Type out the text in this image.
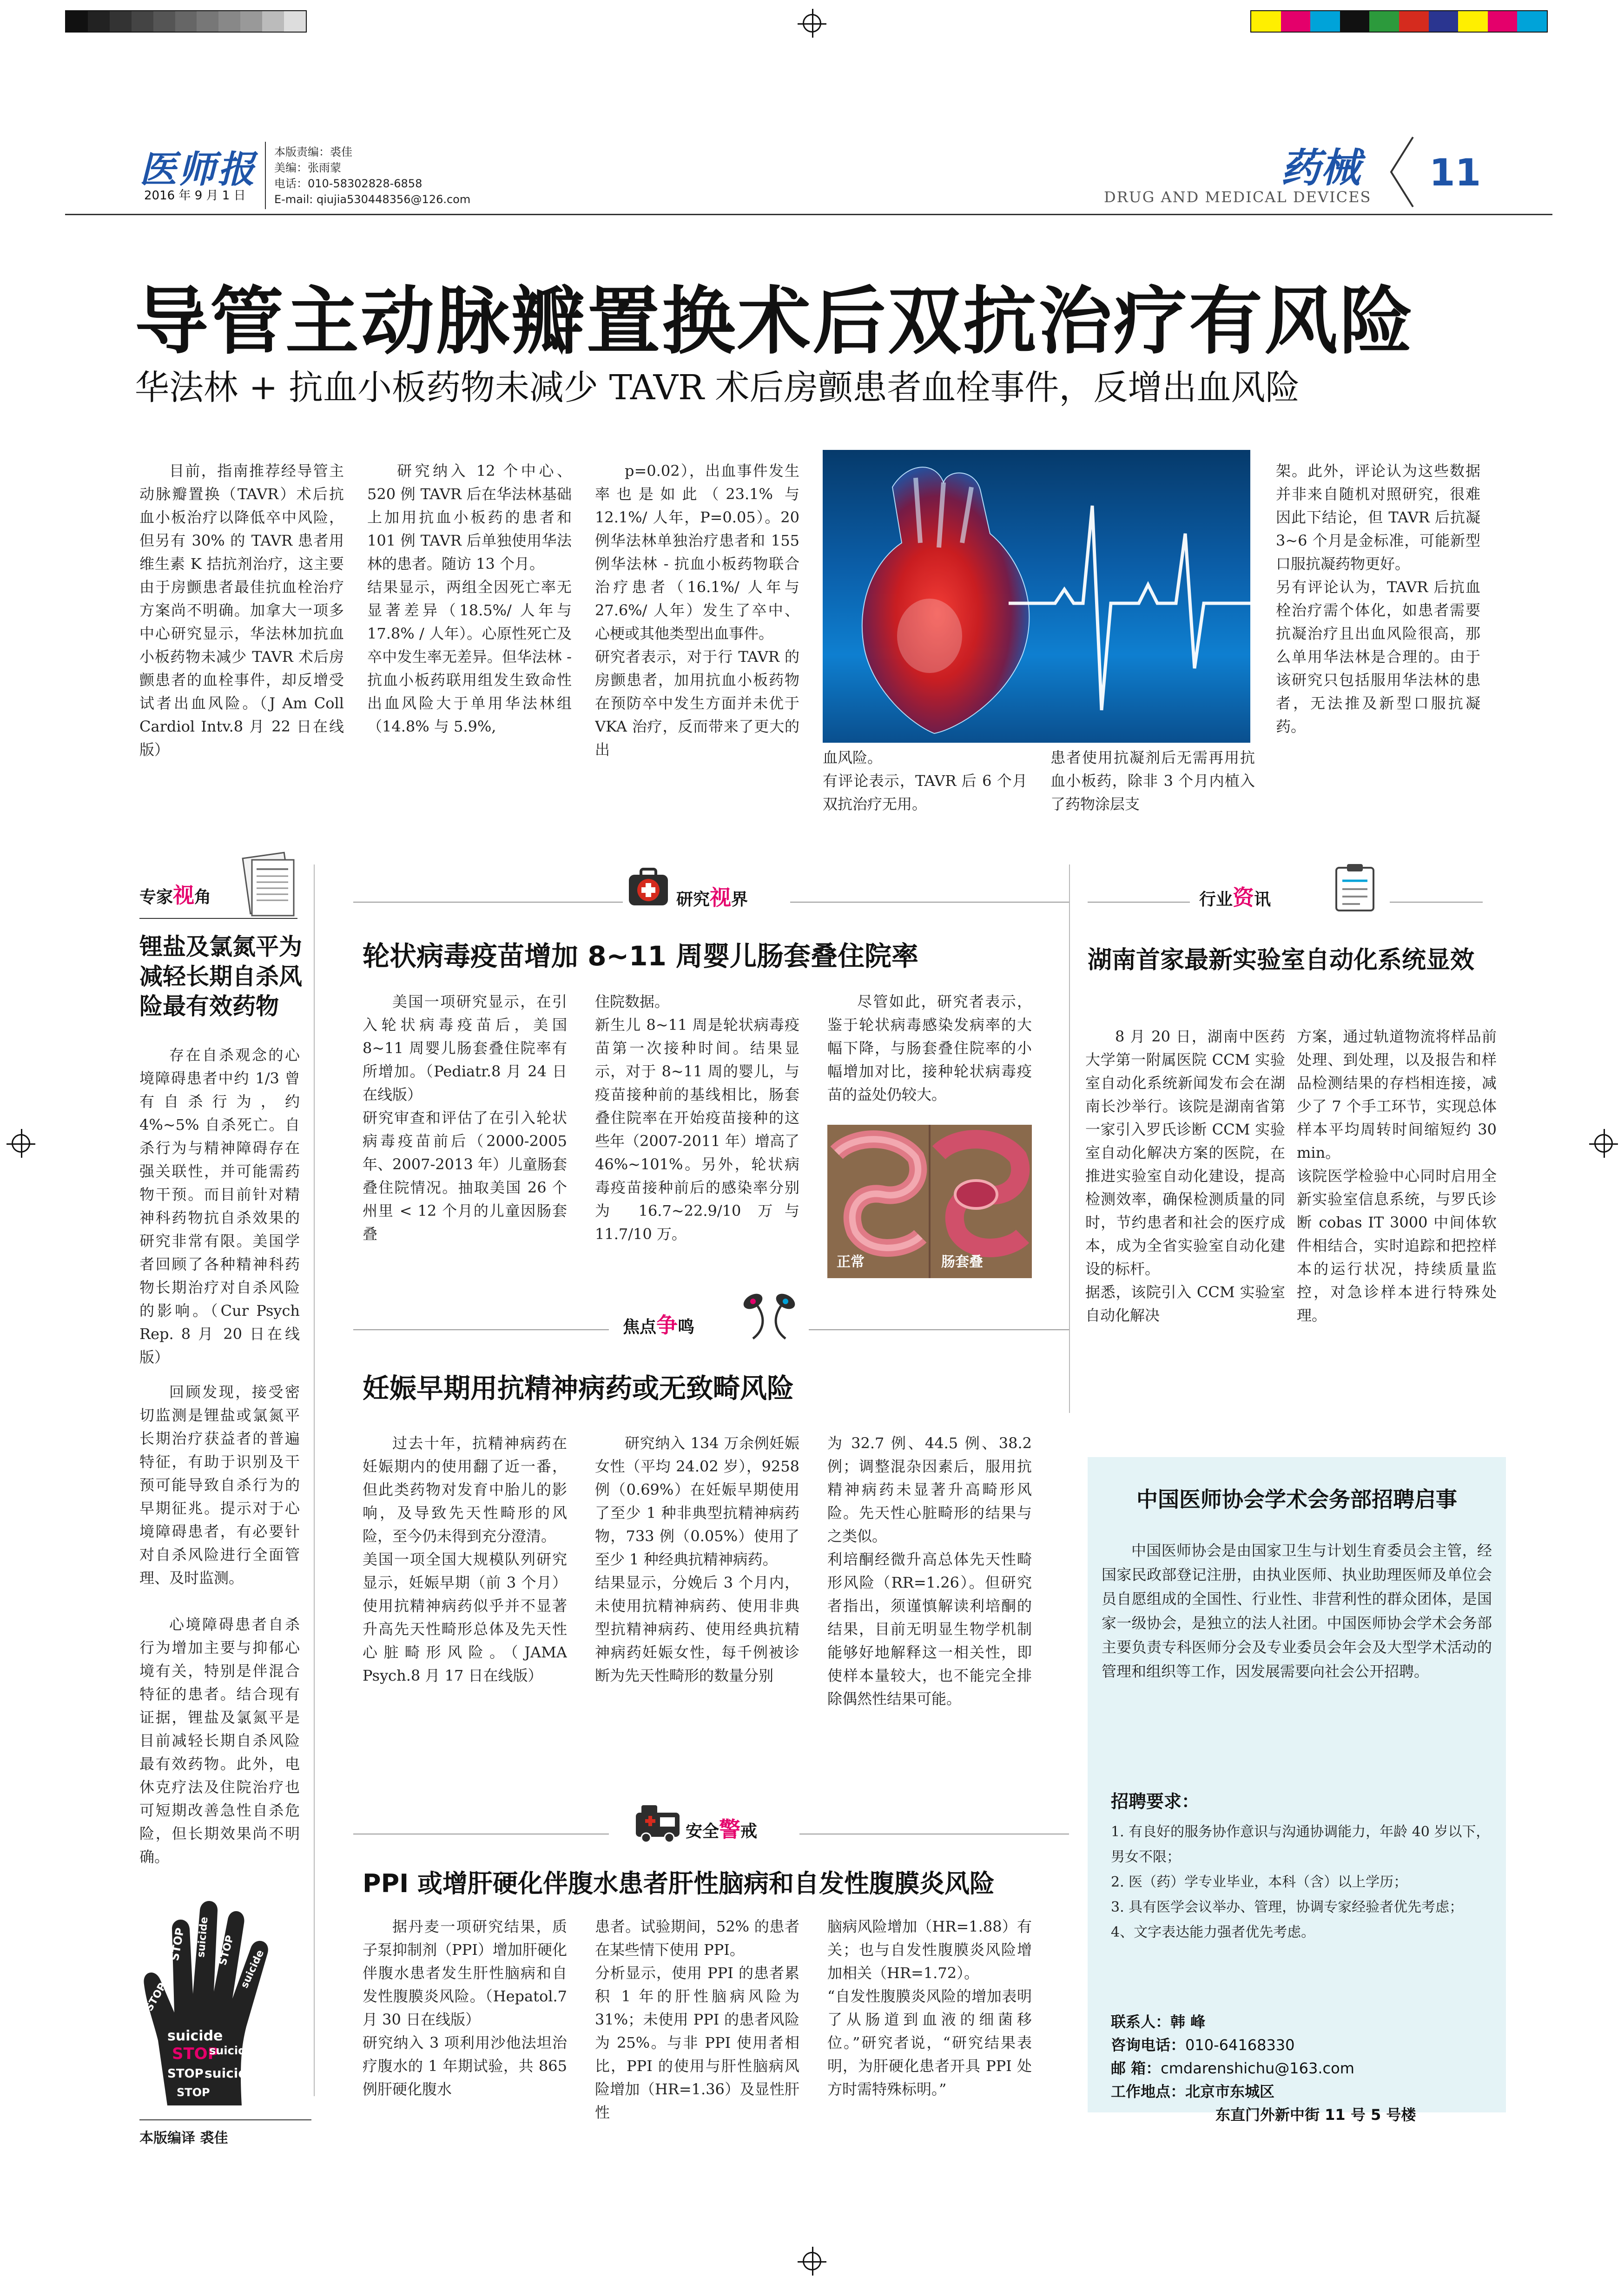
医师报
2016 年 9 月 1 日
本版责编：裘佳
美编：张雨蒙
电话：010-58302828-6858
E-mail: qiujia530448356@126.com
药械
DRUG AND MEDICAL DEVICES
11
导管主动脉瓣置换术后双抗治疗有风险
华法林 + 抗血小板药物未减少 TAVR 术后房颤患者血栓事件，反增出血风险
目前，指南推荐经导管主动脉瓣置换（TAVR）术后抗血小板治疗以降低卒中风险，但另有 30% 的 TAVR 患者用维生素 K 拮抗剂治疗，这主要由于房颤患者最佳抗血栓治疗方案尚不明确。加拿大一项多中心研究显示，华法林加抗血小板药物未减少 TAVR 术后房颤患者的血栓事件，却反增受试者出血风险。（J Am Coll Cardiol Intv.8 月 22 日在线版）
研究纳入 12 个中心、520 例 TAVR 后在华法林基础上加用抗血小板药的患者和 101 例 TAVR 后单独使用华法林的患者。随访 13 个月。
结果显示，两组全因死亡率无显著差异（18.5%/ 人年与 17.8% / 人年）。心原性死亡及卒中发生率无差异。但华法林 - 抗血小板药联用组发生致命性出血风险大于单用华法林组（14.8% 与 5.9%,
p=0.02），出血事件发生率也是如此（23.1% 与 12.1%/ 人年，P=0.05）。20 例华法林单独治疗患者和 155 例华法林 - 抗血小板药物联合治疗患者（16.1%/ 人年与 27.6%/ 人年）发生了卒中、心梗或其他类型出血事件。
研究者表示，对于行 TAVR 的房颤患者，加用抗血小板药物在预防卒中发生方面并未优于 VKA 治疗，反而带来了更大的出	血风险。
有评论表示，TAVR 后 6 个月双抗治疗无用。
患者使用抗凝剂后无需再用抗血小板药，除非 3 个月内植入了药物涂层支
架。此外，评论认为这些数据并非来自随机对照研究，很难因此下结论，但 TAVR 后抗凝 3~6 个月是金标准，可能新型口服抗凝药物更好。
另有评论认为，TAVR 后抗血栓治疗需个体化，如患者需要抗凝治疗且出血风险很高，那么单用华法林是合理的。由于该研究只包括服用华法林的患者，无法推及新型口服抗凝药。
专家视角
锂盐及氯氮平为减轻长期自杀风险最有效药物
存在自杀观念的心境障碍患者中约 1/3 曾有自杀行为，约 4%~5% 自杀死亡。自杀行为与精神障碍存在强关联性，并可能需药物干预。而目前针对精神科药物抗自杀效果的研究非常有限。美国学者回顾了各种精神科药物长期治疗对自杀风险的影响。（Cur Psych Rep. 8 月 20 日在线版）
回顾发现，接受密切监测是锂盐或氯氮平长期治疗获益者的普遍特征，有助于识别及干预可能导致自杀行为的早期征兆。提示对于心境障碍患者，有必要针对自杀风险进行全面管理、及时监测。
心境障碍患者自杀行为增加主要与抑郁心境有关，特别是伴混合特征的患者。结合现有证据，锂盐及氯氮平是目前减轻长期自杀风险最有效药物。此外，电休克疗法及住院治疗也可短期改善急性自杀危险，但长期效果尚不明确。
STOP suicide STOP suicide
suicide
STOP
suicide
STOP suicide
STOP
STOP
本版编译 裘佳
研究视界
轮状病毒疫苗增加 8~11 周婴儿肠套叠住院率
美国一项研究显示，在引入轮状病毒疫苗后，美国 8~11 周婴儿肠套叠住院率有所增加。（Pediatr.8 月 24 日在线版）
研究审查和评估了在引入轮状病毒疫苗前后（2000-2005 年、2007-2013 年）儿童肠套叠住院情况。抽取美国 26 个州里 < 12 个月的儿童因肠套叠
住院数据。
新生儿 8~11 周是轮状病毒疫苗第一次接种时间。结果显示，对于 8~11 周的婴儿，与疫苗接种前的基线相比，肠套叠住院率在开始疫苗接种的这些年（2007-2011 年）增高了 46%~101%。另外，轮状病毒疫苗接种前后的感染率分别为 16.7~22.9/10 万与 11.7/10 万。
尽管如此，研究者表示，鉴于轮状病毒感染发病率的大幅下降，与肠套叠住院率的小幅增加对比，接种轮状病毒疫苗的益处仍较大。
正常	肠套叠
行业资讯
湖南首家最新实验室自动化系统显效
8 月 20 日，湖南中医药大学第一附属医院 CCM 实验室自动化系统新闻发布会在湖南长沙举行。该院是湖南省第一家引入罗氏诊断 CCM 实验室自动化解决方案的医院，在推进实验室自动化建设，提高检测效率，确保检测质量的同时，节约患者和社会的医疗成本，成为全省实验室自动化建设的标杆。
据悉，该院引入 CCM 实验室自动化解决
方案，通过轨道物流将样品前处理、到处理，以及报告和样品检测结果的存档相连接，减少了 7 个手工环节，实现总体样本平均周转时间缩短约 30 min。
该院医学检验中心同时启用全新实验室信息系统，与罗氏诊断 cobas IT 3000 中间体软件相结合，实时追踪和把控样本的运行状况，持续质量监控，对急诊样本进行特殊处理。
焦点争鸣
妊娠早期用抗精神病药或无致畸风险
过去十年，抗精神病药在妊娠期内的使用翻了近一番，但此类药物对发育中胎儿的影响，及导致先天性畸形的风险，至今仍未得到充分澄清。
美国一项全国大规模队列研究显示，妊娠早期（前 3 个月）使用抗精神病药似乎并不显著升高先天性畸形总体及先天性心脏畸形风险。（JAMA Psych.8 月 17 日在线版）
研究纳入 134 万余例妊娠女性（平均 24.02 岁），9258 例（0.69%）在妊娠早期使用了至少 1 种非典型抗精神病药物，733 例（0.05%）使用了至少 1 种经典抗精神病药。
结果显示，分娩后 3 个月内，未使用抗精神病药、使用非典型抗精神病药、使用经典抗精神病药妊娠女性，每千例被诊断为先天性畸形的数量分别
为 32.7 例、44.5 例、38.2 例；调整混杂因素后，服用抗精神病药未显著升高畸形风险。先天性心脏畸形的结果与之类似。
利培酮经微升高总体先天性畸形风险（RR=1.26）。但研究者指出，须谨慎解读利培酮的结果，目前无明显生物学机制能够好地解释这一相关性，即使样本量较大，也不能完全排除偶然性结果可能。
中国医师协会学术会务部招聘启事
中国医师协会是由国家卫生与计划生育委员会主管，经国家民政部登记注册，由执业医师、执业助理医师及单位会员自愿组成的全国性、行业性、非营利性的群众团体，是国家一级协会，是独立的法人社团。中国医师协会学术会务部主要负责专科医师分会及专业委员会年会及大型学术活动的管理和组织等工作，因发展需要向社会公开招聘。
招聘要求：
1. 有良好的服务协作意识与沟通协调能力，年龄 40 岁以下，男女不限；
2. 医（药）学专业毕业，本科（含）以上学历；
3. 具有医学会议举办、管理，协调专家经验者优先考虑；
4、文字表达能力强者优先考虑。
联系人：韩 峰
咨询电话：010-64168330
邮 箱：cmdarenshichu@163.com
工作地点：北京市东城区
东直门外新中街 11 号 5 号楼
安全警戒
PPI 或增肝硬化伴腹水患者肝性脑病和自发性腹膜炎风险
据丹麦一项研究结果，质子泵抑制剂（PPI）增加肝硬化伴腹水患者发生肝性脑病和自发性腹膜炎风险。（Hepatol.7 月 30 日在线版）
研究纳入 3 项利用沙他法坦治疗腹水的 1 年期试验，共 865 例肝硬化腹水
患者。试验期间，52% 的患者在某些情下使用 PPI。
分析显示，使用 PPI 的患者累积 1 年的肝性脑病风险为 31%；未使用 PPI 的患者风险为 25%。与非 PPI 使用者相比，PPI 的使用与肝性脑病风险增加（HR=1.36）及显性肝性
脑病风险增加（HR=1.88）有关；也与自发性腹膜炎风险增加相关（HR=1.72）。
“自发性腹膜炎风险的增加表明了从肠道到血液的细菌移位。”研究者说，“研究结果表明，为肝硬化患者开具 PPI 处方时需特殊标明。”
